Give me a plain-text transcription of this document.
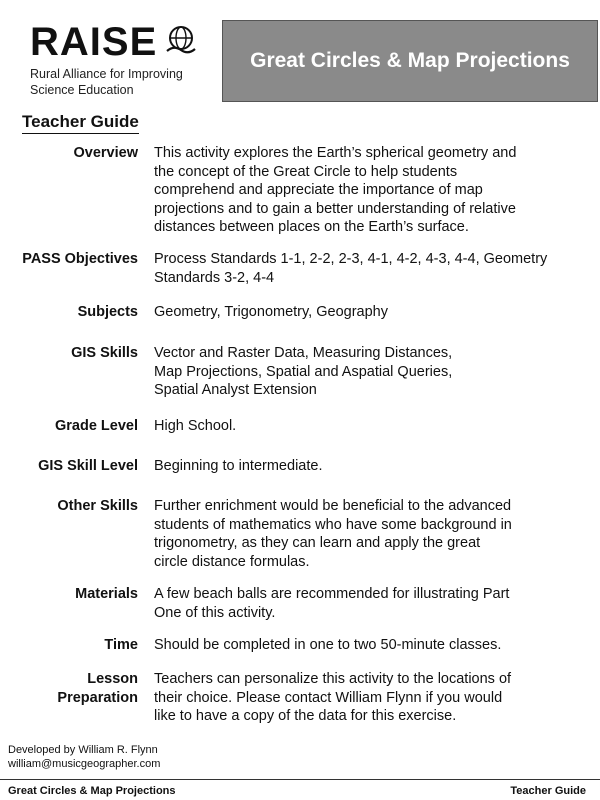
RAISE
Rural Alliance for Improving
Science Education
Great Circles & Map Projections
Teacher Guide
Overview This activity explores the Earth’s spherical geometry and
the concept of the Great Circle to help students
comprehend and appreciate the importance of map
projections and to gain a better understanding of relative
distances between places on the Earth’s surface.
PASS Objectives Process Standards 1-1, 2-2, 2-3, 4-1, 4-2, 4-3, 4-4, Geometry
Standards 3-2, 4-4
Subjects Geometry, Trigonometry, Geography
GIS Skills Vector and Raster Data, Measuring Distances,
Map Projections, Spatial and Aspatial Queries,
Spatial Analyst Extension
Grade Level High School.
GIS Skill Level Beginning to intermediate.
Other Skills Further enrichment would be beneficial to the advanced
students of mathematics who have some background in
trigonometry, as they can learn and apply the great
circle distance formulas.
Materials A few beach balls are recommended for illustrating Part
One of this activity.
Time Should be completed in one to two 50-minute classes.
Lesson
Preparation
Teachers can personalize this activity to the locations of
their choice. Please contact William Flynn if you would
like to have a copy of the data for this exercise.
Developed by William R. Flynn
william@musicgeographer.com
Great Circles & Map Projections	Teacher Guide
